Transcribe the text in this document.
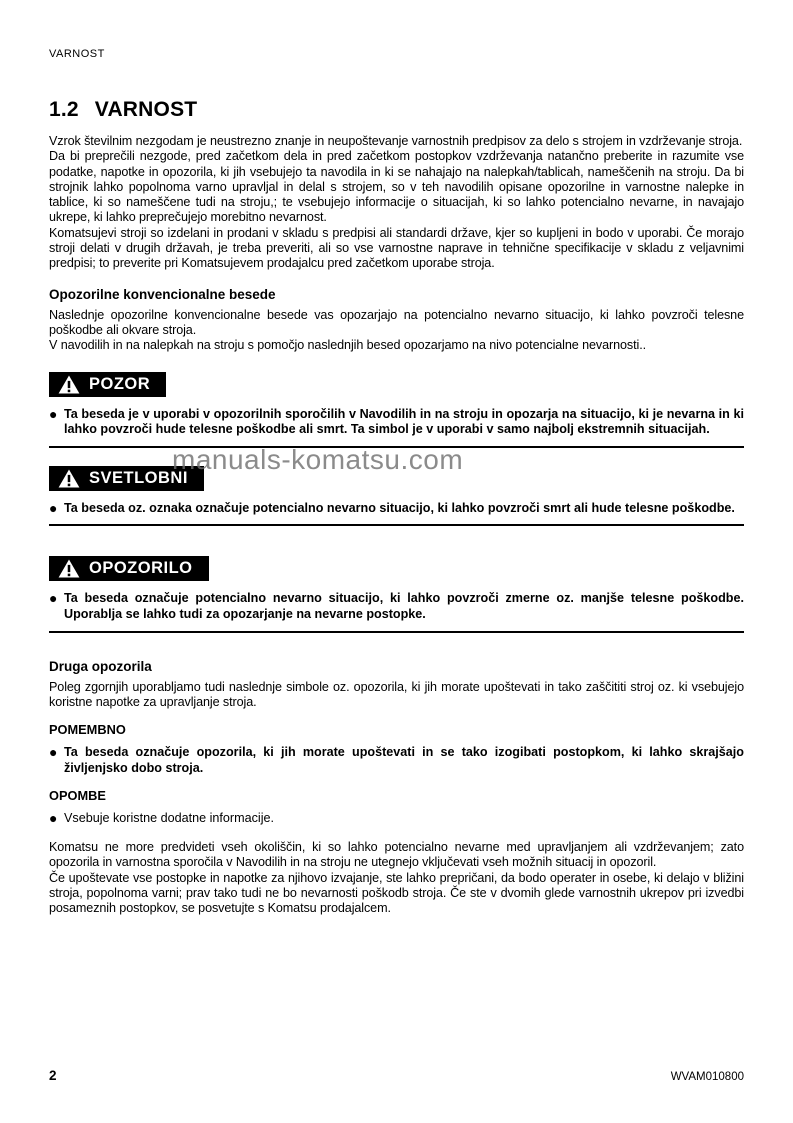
VARNOST
1.2 VARNOST

Vzrok številnim nezgodam je neustrezno znanje in neupoštevanje varnostnih predpisov za delo s strojem in vzdrževanje stroja.

Da bi preprečili nezgode, pred začetkom dela in pred začetkom postopkov vzdrževanja natančno preberite in razumite vse podatke, napotke in opozorila, ki jih vsebujejo ta navodila in ki se nahajajo na nalepkah/tablicah, nameščenih na stroju. Da bi strojnik lahko popolnoma varno upravljal in delal s strojem, so v teh navodilih opisane opozorilne in varnostne nalepke in tablice, ki so nameščene tudi na stroju,; te vsebujejo informacije o situacijah, ki so lahko potencialno nevarne, in navajajo ukrepe, ki lahko preprečujejo morebitno nevarnost.

Komatsujevi stroji so izdelani in prodani v skladu s predpisi ali standardi države, kjer so kupljeni in bodo v uporabi. Če morajo stroji delati v drugih državah, je treba preveriti, ali so vse varnostne naprave in tehnične specifikacije v skladu z veljavnimi predpisi; to preverite pri Komatsujevem prodajalcu pred začetkom uporabe stroja.

Opozorilne konvencionalne besede

Naslednje opozorilne konvencionalne besede vas opozarjajo na potencialno nevarno situacijo, ki lahko povzroči telesne poškodbe ali okvare stroja.

V navodilih in na nalepkah na stroju s pomočjo naslednjih besed opozarjamo na nivo potencialne nevarnosti..

POZOR
● Ta beseda je v uporabi v opozorilnih sporočilih v Navodilih in na stroju in opozarja na situacijo, ki je nevarna in ki lahko povzroči hude telesne poškodbe ali smrt. Ta simbol je v uporabi v samo najbolj ekstremnih situacijah.
SVETLOBNI
● Ta beseda oz. oznaka označuje potencialno nevarno situacijo, ki lahko povzroči smrt ali hude telesne poškodbe.
OPOZORILO
● Ta beseda označuje potencialno nevarno situacijo, ki lahko povzroči zmerne oz. manjše telesne poškodbe. Uporablja se lahko tudi za opozarjanje na nevarne postopke.
Druga opozorila

Poleg zgornjih uporabljamo tudi naslednje simbole oz. opozorila, ki jih morate upoštevati in tako zaščititi stroj oz. ki vsebujejo koristne napotke za upravljanje stroja.

POMEMBNO
● Ta beseda označuje opozorila, ki jih morate upoštevati in se tako izogibati postopkom, ki lahko skrajšajo življenjsko dobo stroja.
OPOMBE
● Vsebuje koristne dodatne informacije.

Komatsu ne more predvideti vseh okoliščin, ki so lahko potencialno nevarne med upravljanjem ali vzdrževanjem; zato opozorila in varnostna sporočila v Navodilih in na stroju ne utegnejo vključevati vseh možnih situacij in opozoril.

Če upoštevate vse postopke in napotke za njihovo izvajanje, ste lahko prepričani, da bodo operater in osebe, ki delajo v bližini stroja, popolnoma varni; prav tako tudi ne bo nevarnosti poškodb stroja. Če ste v dvomih glede varnostnih ukrepov pri izvedbi posameznih postopkov, se posvetujte s Komatsu prodajalcem.

manuals-komatsu.com
2	WVAM010800
